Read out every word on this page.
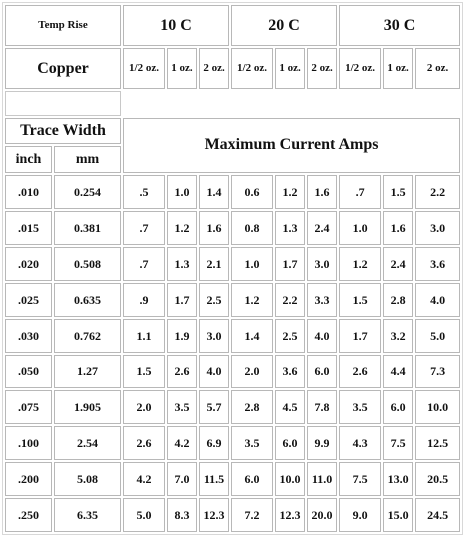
Temp Rise		10 C			20 C			30 C		
Copper		1/2 oz.	1 oz.	2 oz.	1/2 oz.	1 oz.	2 oz.	1/2 oz.	1 oz.	2 oz.

Trace Width		Maximum Current Amps								
inch	mm									
.010	0.254	.5	1.0	1.4	0.6	1.2	1.6	.7	1.5	2.2
.015	0.381	.7	1.2	1.6	0.8	1.3	2.4	1.0	1.6	3.0
.020	0.508	.7	1.3	2.1	1.0	1.7	3.0	1.2	2.4	3.6
.025	0.635	.9	1.7	2.5	1.2	2.2	3.3	1.5	2.8	4.0
.030	0.762	1.1	1.9	3.0	1.4	2.5	4.0	1.7	3.2	5.0
.050	1.27	1.5	2.6	4.0	2.0	3.6	6.0	2.6	4.4	7.3
.075	1.905	2.0	3.5	5.7	2.8	4.5	7.8	3.5	6.0	10.0
.100	2.54	2.6	4.2	6.9	3.5	6.0	9.9	4.3	7.5	12.5
.200	5.08	4.2	7.0	11.5	6.0	10.0	11.0	7.5	13.0	20.5
.250	6.35	5.0	8.3	12.3	7.2	12.3	20.0	9.0	15.0	24.5
